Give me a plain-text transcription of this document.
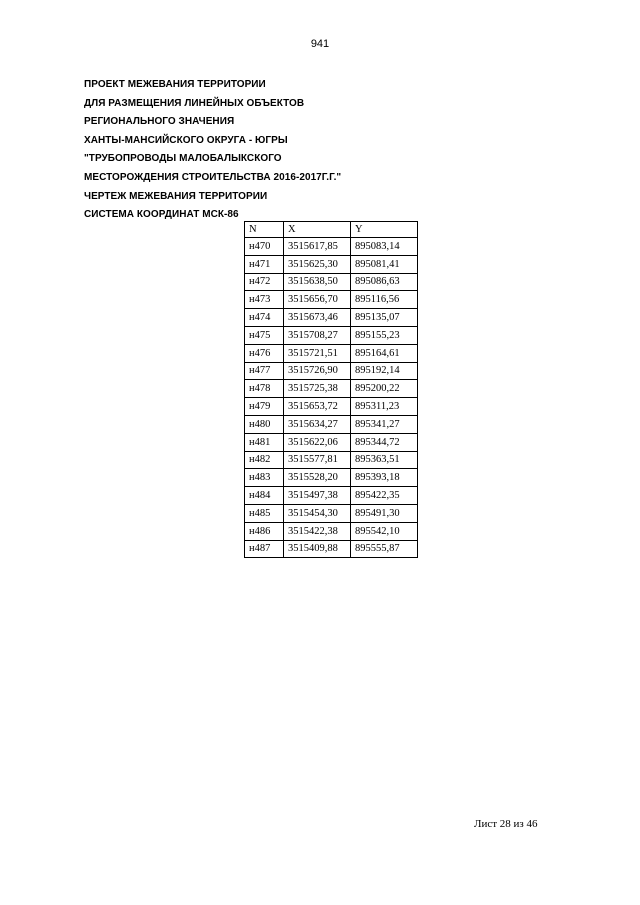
941
ПРОЕКТ МЕЖЕВАНИЯ ТЕРРИТОРИИ
ДЛЯ РАЗМЕЩЕНИЯ ЛИНЕЙНЫХ ОБЪЕКТОВ
РЕГИОНАЛЬНОГО ЗНАЧЕНИЯ
ХАНТЫ-МАНСИЙСКОГО ОКРУГА - ЮГРЫ
"ТРУБОПРОВОДЫ МАЛОБАЛЫКСКОГО
МЕСТОРОЖДЕНИЯ СТРОИТЕЛЬСТВА 2016-2017Г.Г."
ЧЕРТЕЖ МЕЖЕВАНИЯ ТЕРРИТОРИИ
СИСТЕМА КООРДИНАТ МСК-86
N	X	Y
н470	3515617,85	895083,14
н471	3515625,30	895081,41
н472	3515638,50	895086,63
н473	3515656,70	895116,56
н474	3515673,46	895135,07
н475	3515708,27	895155,23
н476	3515721,51	895164,61
н477	3515726,90	895192,14
н478	3515725,38	895200,22
н479	3515653,72	895311,23
н480	3515634,27	895341,27
н481	3515622,06	895344,72
н482	3515577,81	895363,51
н483	3515528,20	895393,18
н484	3515497,38	895422,35
н485	3515454,30	895491,30
н486	3515422,38	895542,10
н487	3515409,88	895555,87
Лист 28 из 46
